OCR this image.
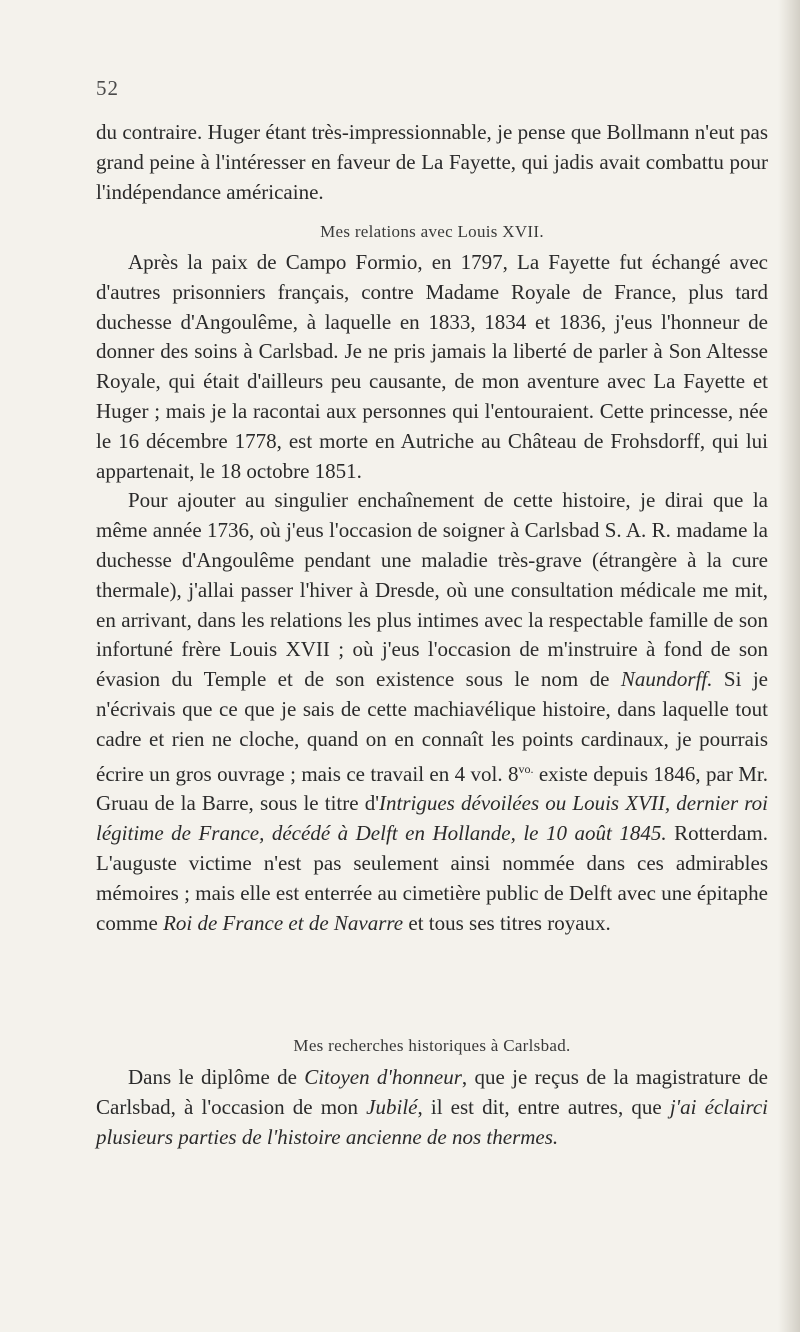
52

du contraire. Huger étant très-impressionnable, je pense que Bollmann n'eut pas grand peine à l'intéresser en faveur de La Fayette, qui jadis avait combattu pour l'indépendance américaine.

Mes relations avec Louis XVII.

Après la paix de Campo Formio, en 1797, La Fayette fut échangé avec d'autres prisonniers français, contre Madame Royale de France, plus tard duchesse d'Angoulême, à laquelle en 1833, 1834 et 1836, j'eus l'honneur de donner des soins à Carlsbad. Je ne pris jamais la liberté de parler à Son Altesse Royale, qui était d'ailleurs peu causante, de mon aventure avec La Fayette et Huger ; mais je la racontai aux personnes qui l'entouraient. Cette princesse, née le 16 décembre 1778, est morte en Autriche au Château de Frohsdorff, qui lui appartenait, le 18 octobre 1851.

Pour ajouter au singulier enchaînement de cette histoire, je dirai que la même année 1736, où j'eus l'occasion de soigner à Carlsbad S. A. R. madame la duchesse d'Angoulême pendant une maladie très-grave (étrangère à la cure thermale), j'allai passer l'hiver à Dresde, où une consultation médicale me mit, en arrivant, dans les relations les plus intimes avec la respectable famille de son infortuné frère Louis XVII ; où j'eus l'occasion de m'instruire à fond de son évasion du Temple et de son existence sous le nom de Naundorff. Si je n'écrivais que ce que je sais de cette machiavélique histoire, dans laquelle tout cadre et rien ne cloche, quand on en connaît les points cardinaux, je pourrais écrire un gros ouvrage ; mais ce travail en 4 vol. $8^{vo.}$ existe depuis 1846, par Mr. Gruau de la Barre, sous le titre d'Intrigues dévoilées ou Louis XVII, dernier roi légitime de France, décédé à Delft en Hollande, le 10 août 1845. Rotterdam. L'auguste victime n'est pas seulement ainsi nommée dans ces admirables mémoires ; mais elle est enterrée au cimetière public de Delft avec une épitaphe comme Roi de France et de Navarre et tous ses titres royaux.

Mes recherches historiques à Carlsbad.

Dans le diplôme de Citoyen d'honneur, que je reçus de la magistrature de Carlsbad, à l'occasion de mon Jubilé, il est dit, entre autres, que j'ai éclairci plusieurs parties de l'histoire ancienne de nos thermes.
